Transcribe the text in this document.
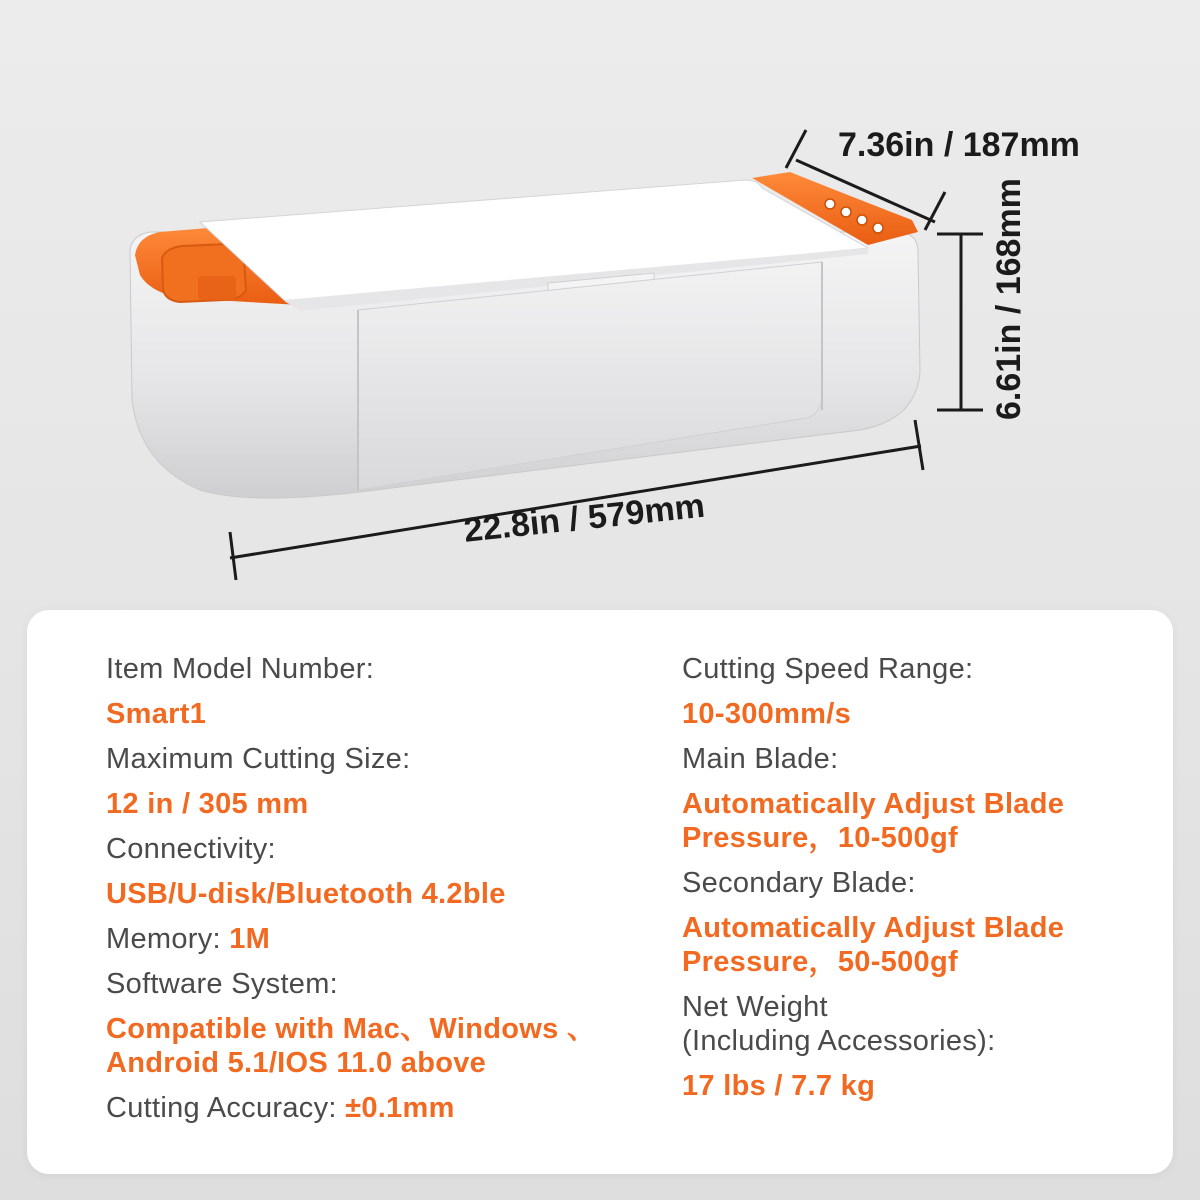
7.36in / 187mm
6.61in / 168mm
22.8in / 579mm
Item Model Number:
Smart1
Maximum Cutting Size:
12 in / 305 mm
Connectivity:
USB/U-disk/Bluetooth 4.2ble
Memory: 1M
Software System:
Compatible with Mac、Windows 、
Android 5.1/IOS 11.0 above
Cutting Accuracy: ±0.1mm
Cutting Speed Range:
10-300mm/s
Main Blade:
Automatically Adjust Blade
Pressure，10-500gf
Secondary Blade:
Automatically Adjust Blade
Pressure，50-500gf
Net Weight
(Including Accessories):
17 lbs / 7.7 kg
